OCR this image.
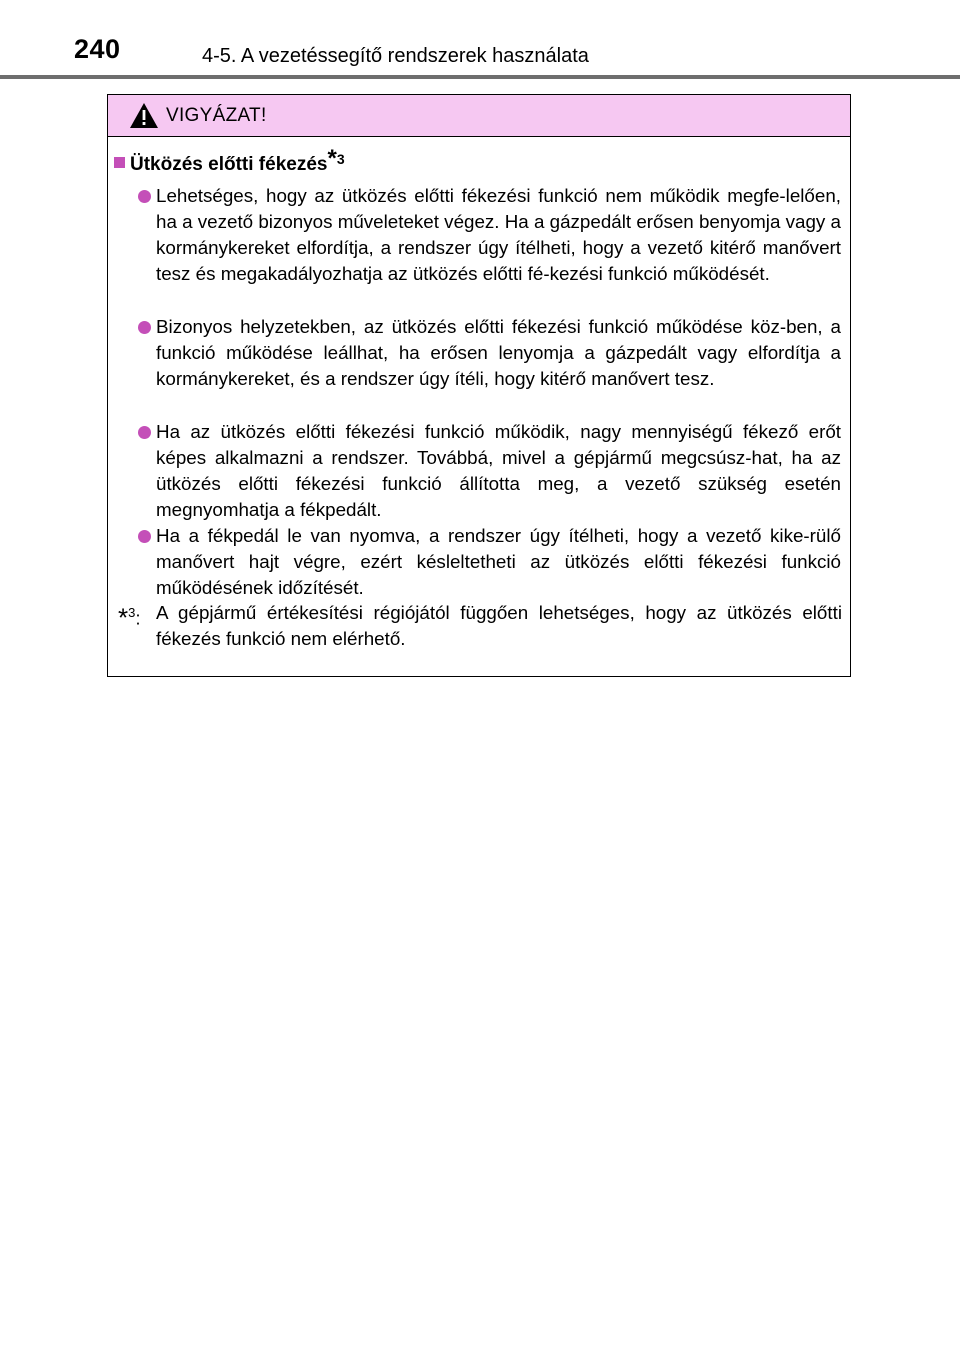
240	4-5. A vezetéssegítő rendszerek használata
VIGYÁZAT!
Ütközés előtti fékezés*$^3$
Lehetséges, hogy az ütközés előtti fékezési funkció nem működik megfe-lelően, ha a vezető bizonyos műveleteket végez. Ha a gázpedált erősen benyomja vagy a kormánykereket elfordítja, a rendszer úgy ítélheti, hogy a vezető kitérő manővert tesz és megakadályozhatja az ütközés előtti fé-kezési funkció működését.
Bizonyos helyzetekben, az ütközés előtti fékezési funkció működése köz-ben, a funkció működése leállhat, ha erősen lenyomja a gázpedált vagy elfordítja a kormánykereket, és a rendszer úgy ítéli, hogy kitérő manővert tesz.
Ha az ütközés előtti fékezési funkció működik, nagy mennyiségű fékező erőt képes alkalmazni a rendszer. Továbbá, mivel a gépjármű megcsúsz-hat, ha az ütközés előtti fékezési funkció állította meg, a vezető szükség esetén megnyomhatja a fékpedált.
Ha a fékpedál le van nyomva, a rendszer úgy ítélheti, hogy a vezető kike-rülő manővert hajt végre, ezért késleltetheti az ütközés előtti fékezési funkció működésének időzítését.
*$^3$: A gépjármű értékesítési régiójától függően lehetséges, hogy az ütközés előtti fékezés funkció nem elérhető.
